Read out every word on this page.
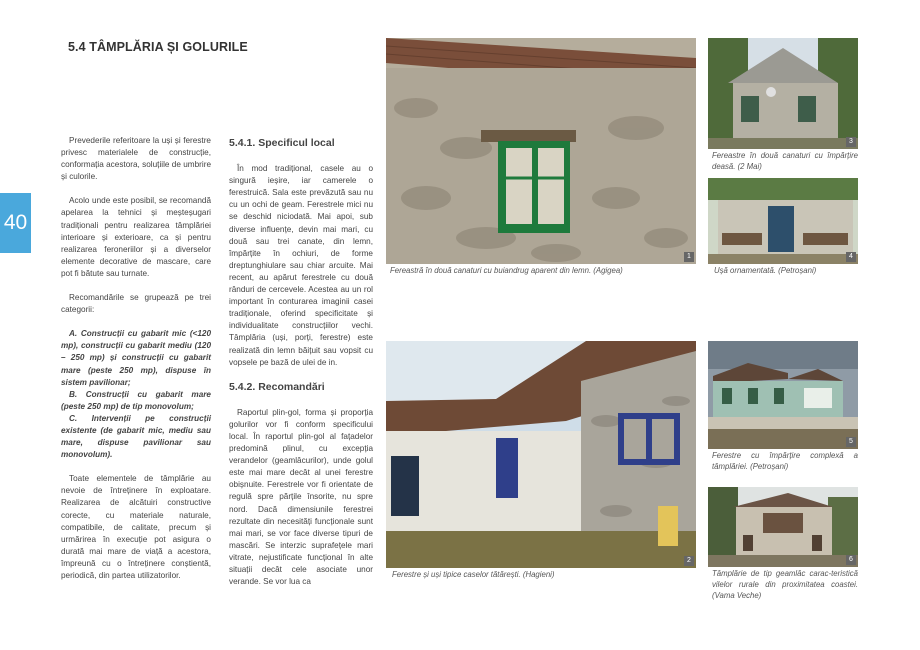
40
5.4 TÂMPLĂRIA ȘI GOLURILE

Prevederile referitoare la uși și ferestre privesc materialele de construcție, conformația acestora, soluțiile de umbrire și culorile.

Acolo unde este posibil, se recomandă apelarea la tehnici și meșteșugari tradiționali pentru realizarea tâmplăriei interioare și exterioare, ca și pentru realizarea feroneriilor și a diverselor elemente decorative de mascare, care pot fi bătute sau turnate.

Recomandările se grupează pe trei categorii:

A. Construcții cu gabarit mic (<120 mp), construcții cu gabarit mediu (120 – 250 mp) și construcții cu gabarit mare (peste 250 mp), dispuse în sistem pavilionar;

B. Construcții cu gabarit mare (peste 250 mp) de tip monovolum;

C. Intervenții pe construcții existente (de gabarit mic, mediu sau mare, dispuse pavilionar sau monovolum).

Toate elementele de tâmplărie au nevoie de întreținere în exploatare. Realizarea de alcătuiri constructive corecte, cu materiale naturale, compatibile, de calitate, precum și urmărirea în execuție pot asigura o durată mai mare de viață a acestora, împreună cu o întreținere conștientă, periodică, din partea utilizatorilor.

5.4.1. Specificul local

În mod tradițional, casele au o singură ieșire, iar camerele o ferestruică. Sala este prevăzută sau nu cu un ochi de geam. Ferestrele mici nu se deschid niciodată. Mai apoi, sub diverse influențe, devin mai mari, cu două sau trei canate, din lemn, împărțite în ochiuri, de forme dreptunghiulare sau chiar arcuite. Mai recent, au apărut ferestrele cu două rânduri de cercevele. Acestea au un rol important în conturarea imaginii casei tradiționale, oferind specificitate și individualitate construcțiilor vechi. Tâmplăria (uși, porți, ferestre) este realizată din lemn băițuit sau vopsit cu vopsele pe bază de ulei de in.

5.4.2. Recomandări

Raportul plin-gol, forma și proporția golurilor vor fi conform specificului local. În raportul plin-gol al fațadelor predomină plinul, cu excepția verandelor (geamlâcurilor), unde golul este mai mare decât al unei ferestre obișnuite. Ferestrele vor fi orientate de regulă spre părțile însorite, nu spre nord. Dacă dimensiunile ferestrei rezultate din necesități funcționale sunt mai mari, se vor face diverse tipuri de mascări. Se interzic suprafețele mari vitrate, nejustificate funcțional în alte situații decât cele asociate unor verande. Se vor lua ca

1
Fereastră în două canaturi cu buiandrug aparent din lemn. (Agigea)
3
Fereastre în două canaturi cu împărțire deasă. (2 Mai)
4
Ușă ornamentată. (Petroșani)
2
Ferestre și uși tipice caselor tătărești. (Hagieni)
5
Ferestre cu împărțire complexă a tâmplăriei. (Petroșani)
6
Tâmplărie de tip geamlâc carac-teristică vilelor rurale din proximitatea coastei. (Vama Veche)
